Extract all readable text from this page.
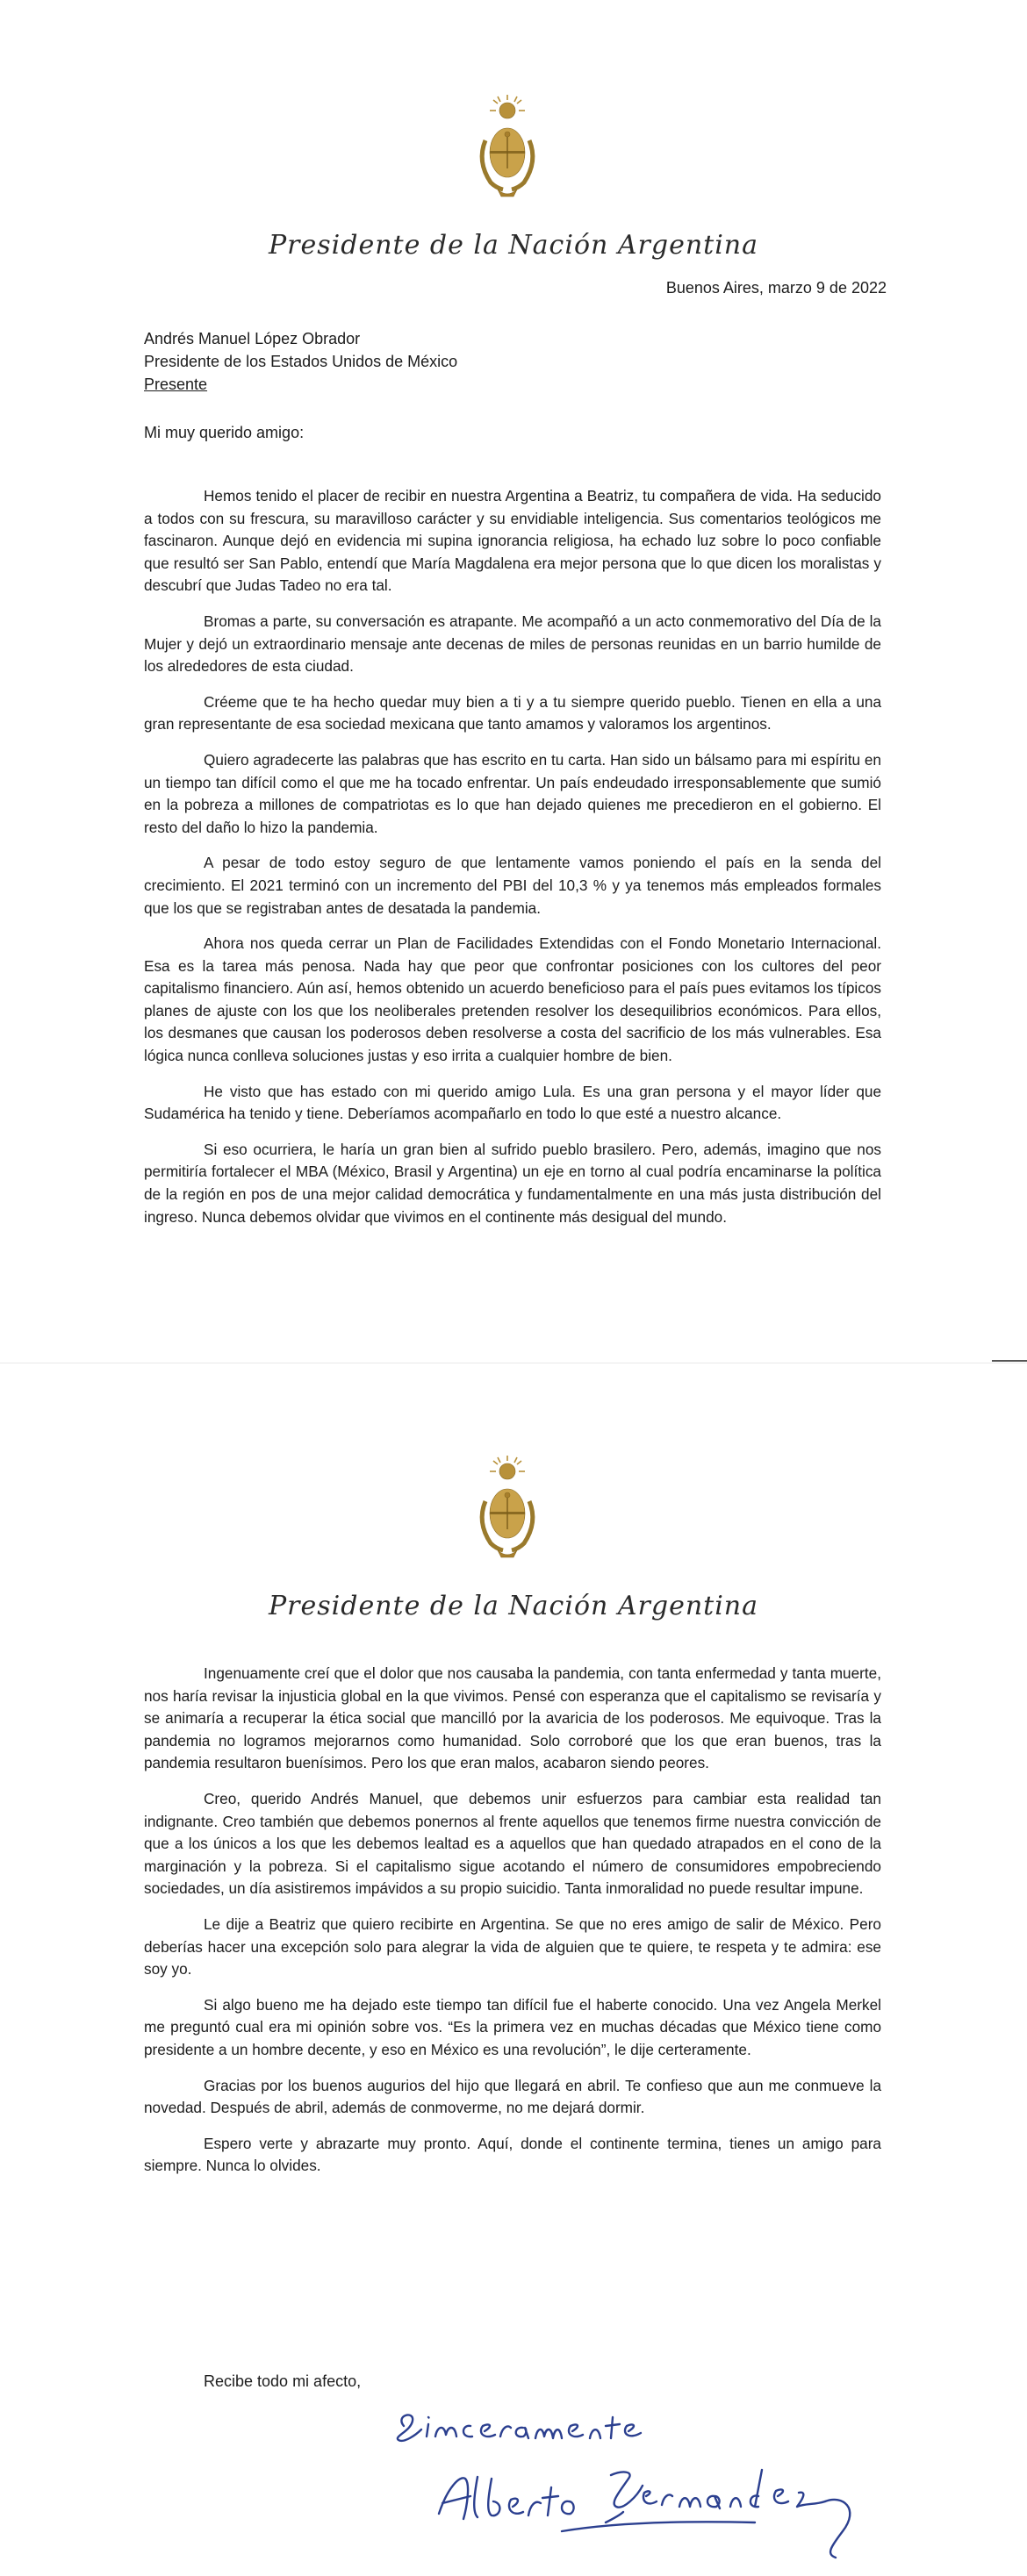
Presidente de la Nación Argentina
Buenos Aires, marzo 9 de 2022
Andrés Manuel López Obrador
Presidente de los Estados Unidos de México
Presente
Mi muy querido amigo:

Hemos tenido el placer de recibir en nuestra Argentina a Beatriz, tu compañera de vida. Ha seducido a todos con su frescura, su maravilloso carácter y su envidiable inteligencia. Sus comentarios teológicos me fascinaron. Aunque dejó en evidencia mi supina ignorancia religiosa, ha echado luz sobre lo poco confiable que resultó ser San Pablo, entendí que María Magdalena era mejor persona que lo que dicen los moralistas y descubrí que Judas Tadeo no era tal.

Bromas a parte, su conversación es atrapante. Me acompañó a un acto conmemorativo del Día de la Mujer y dejó un extraordinario mensaje ante decenas de miles de personas reunidas en un barrio humilde de los alrededores de esta ciudad.

Créeme que te ha hecho quedar muy bien a ti y a tu siempre querido pueblo. Tienen en ella a una gran representante de esa sociedad mexicana que tanto amamos y valoramos los argentinos.

Quiero agradecerte las palabras que has escrito en tu carta. Han sido un bálsamo para mi espíritu en un tiempo tan difícil como el que me ha tocado enfrentar. Un país endeudado irresponsablemente que sumió en la pobreza a millones de compatriotas es lo que han dejado quienes me precedieron en el gobierno. El resto del daño lo hizo la pandemia.

A pesar de todo estoy seguro de que lentamente vamos poniendo el país en la senda del crecimiento. El 2021 terminó con un incremento del PBI del 10,3 % y ya tenemos más empleados formales que los que se registraban antes de desatada la pandemia.

Ahora nos queda cerrar un Plan de Facilidades Extendidas con el Fondo Monetario Internacional. Esa es la tarea más penosa. Nada hay que peor que confrontar posiciones con los cultores del peor capitalismo financiero. Aún así, hemos obtenido un acuerdo beneficioso para el país pues evitamos los típicos planes de ajuste con los que los neoliberales pretenden resolver los desequilibrios económicos. Para ellos, los desmanes que causan los poderosos deben resolverse a costa del sacrificio de los más vulnerables. Esa lógica nunca conlleva soluciones justas y eso irrita a cualquier hombre de bien.

He visto que has estado con mi querido amigo Lula. Es una gran persona y el mayor líder que Sudamérica ha tenido y tiene. Deberíamos acompañarlo en todo lo que esté a nuestro alcance.

Si eso ocurriera, le haría un gran bien al sufrido pueblo brasilero. Pero, además, imagino que nos permitiría fortalecer el MBA (México, Brasil y Argentina) un eje en torno al cual podría encaminarse la política de la región en pos de una mejor calidad democrática y fundamentalmente en una más justa distribución del ingreso. Nunca debemos olvidar que vivimos en el continente más desigual del mundo.

Presidente de la Nación Argentina

Ingenuamente creí que el dolor que nos causaba la pandemia, con tanta enfermedad y tanta muerte, nos haría revisar la injusticia global en la que vivimos. Pensé con esperanza que el capitalismo se revisaría y se animaría a recuperar la ética social que mancilló por la avaricia de los poderosos. Me equivoque. Tras la pandemia no logramos mejorarnos como humanidad. Solo corroboré que los que eran buenos, tras la pandemia resultaron buenísimos. Pero los que eran malos, acabaron siendo peores.

Creo, querido Andrés Manuel, que debemos unir esfuerzos para cambiar esta realidad tan indignante. Creo también que debemos ponernos al frente aquellos que tenemos firme nuestra convicción de que a los únicos a los que les debemos lealtad es a aquellos que han quedado atrapados en el cono de la marginación y la pobreza. Si el capitalismo sigue acotando el número de consumidores empobreciendo sociedades, un día asistiremos impávidos a su propio suicidio. Tanta inmoralidad no puede resultar impune.

Le dije a Beatriz que quiero recibirte en Argentina. Se que no eres amigo de salir de México. Pero deberías hacer una excepción solo para alegrar la vida de alguien que te quiere, te respeta y te admira: ese soy yo.

Si algo bueno me ha dejado este tiempo tan difícil fue el haberte conocido. Una vez Angela Merkel me preguntó cual era mi opinión sobre vos. “Es la primera vez en muchas décadas que México tiene como presidente a un hombre decente, y eso en México es una revolución”, le dije certeramente.

Gracias por los buenos augurios del hijo que llegará en abril. Te confieso que aun me conmueve la novedad. Después de abril, además de conmoverme, no me dejará dormir.

Espero verte y abrazarte muy pronto. Aquí, donde el continente termina, tienes un amigo para siempre. Nunca lo olvides.

Recibe todo mi afecto,
